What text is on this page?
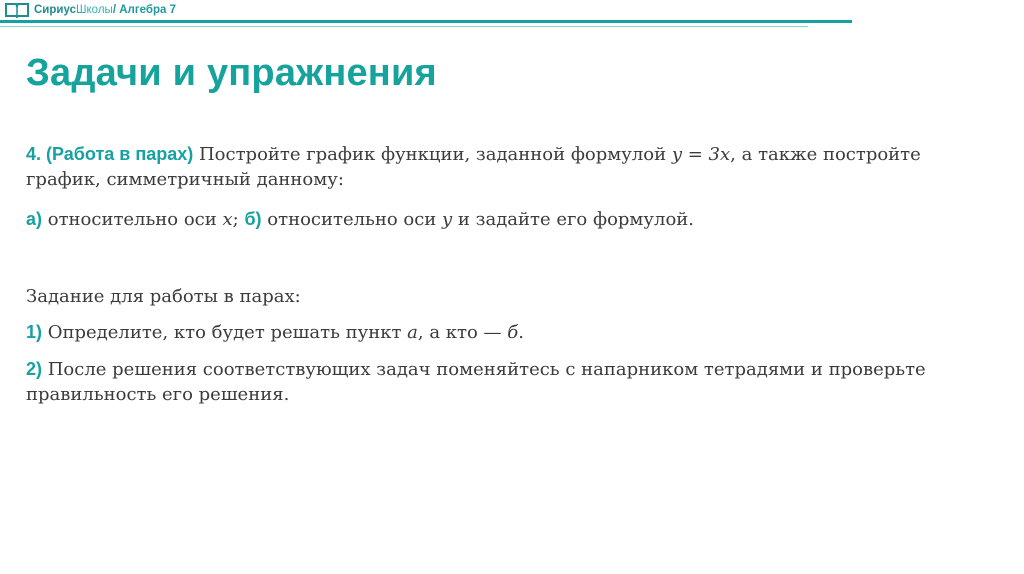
СириусШколы/ Алгебра 7
Задачи и упражнения

4. (Работа в парах) Постройте график функции, заданной формулой y = 3x, а также постройте график, симметричный данному:

а) относительно оси x; б) относительно оси y и задайте его формулой.

Задание для работы в парах:

1) Определите, кто будет решать пункт а, а кто — б.

2) После решения соответствующих задач поменяйтесь с напарником тетрадями и проверьте правильность его решения.
